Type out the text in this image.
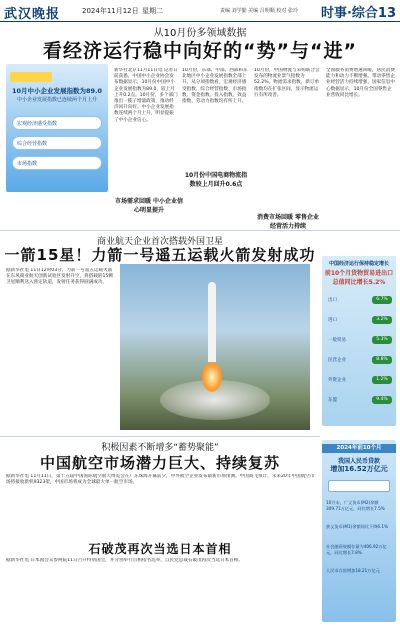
武汉晚报	2024年11月12日 星期二	责编 刘学勤 美编 吕明顺 校对 张玲 时事·综合13
从10月份多领域数据
看经济运行稳中向好的“势”与“进”
10月中小企业发展指数为89.0
中小企业发展指数已连续两个月上升
宏观经济感受指数
综合经营指数
市场指数
新华社北京11月11日电 记者日前获悉，中国中小企业协会发布数据显示，10月份中国中小企业发展指数为89.0，较上月上升0.2点。10月份，多个部门推出一揽子增量政策，推动经济回升向好。中小企业发展指数连续两个月上升，明显提振了中小企业信心。
10月份，东部、中部、西部和东北地区中小企业发展指数全部上升。从分项指数看，宏观经济感受指数、综合经营指数、市场指数、资金指数、投入指数、效益指数、劳动力指数均有所上升。
10月份中国电商物流指数较上月回升0.6点
10月份，中国物流与采购联合会发布的物流业景气指数为52.2%，物流需求指数、新订单指数均在扩张区间，显示物流运行有所改善。
全国服务消费增速回暖，居民消费能力和动力不断增强。带动零售企业经营活力持续增强，国家信息中心数据显示，10月份全国零售企业营收同比增长。
市场需求回暖 中小企业信心明显提升
消费市场回暖 零售企业经营活力持续
商业航天企业首次搭载外国卫星
一箭15星！力箭一号遥五运载火箭发射成功
据新华社电 11日12时03分，力箭一号遥五运载火箭在东风商业航天创新试验区发射升空，将搭载的15颗卫星顺利送入预定轨道，发射任务获得圆满成功。
中国经济运行保持稳定增长
前10个月货物贸易进出口总值同比增长5.2%
出口	6.7%
进口	3.2%
一般贸易	5.3%
民营企业	8.8%
外资企业	1.2%
东盟	9.4%
积极因素不断增多“蓄势聚能”
中国航空市场潜力巨大、持续复苏
据新华社电 11月11日，第十五届中国国际航空航天博览会在广东珠海开幕前夕，中外航空企业发布最新市场预测。中国商飞预计，未来20年中国航空市场将接收新机9323架，中国市场将成为全球最大单一航空市场。
石破茂再次当选日本首相
据新华社电 日本国会众参两院11日召开特别国会，并分别举行首相指名选举，自民党总裁石破茂再次当选日本首相。
2024年前10个月
我国人民币贷款
增加16.52万亿元
10月末，广义货币(M2)余额309.71万亿元，同比增长7.5%
狭义货币(M1)余额同比下降6.1%
社会融资规模存量为406.92万亿元，同比增长7.8%
人民币存款增加18.21万亿元
